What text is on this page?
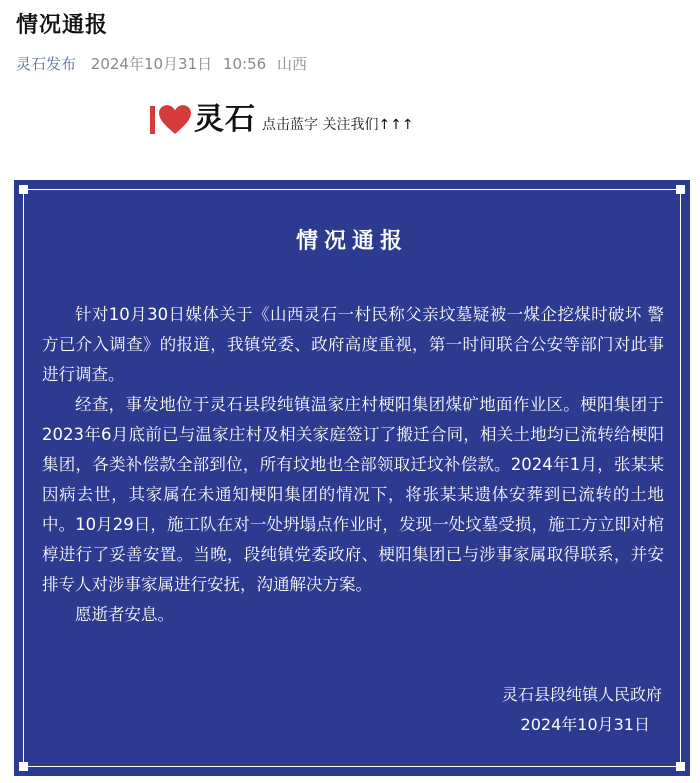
情况通报
灵石发布 2024年10月31日 10:56 山西
灵石 点击蓝字 关注我们↑↑↑
情况通报

针对10月30日媒体关于《山西灵石一村民称父亲坟墓疑被一煤企挖煤时破坏 警方已介入调查》的报道，我镇党委、政府高度重视，第一时间联合公安等部门对此事进行调查。

经查，事发地位于灵石县段纯镇温家庄村梗阳集团煤矿地面作业区。梗阳集团于2023年6月底前已与温家庄村及相关家庭签订了搬迁合同，相关土地均已流转给梗阳集团，各类补偿款全部到位，所有坟地也全部领取迁坟补偿款。2024年1月，张某某因病去世，其家属在未通知梗阳集团的情况下，将张某某遗体安葬到已流转的土地中。10月29日，施工队在对一处坍塌点作业时，发现一处坟墓受损，施工方立即对棺椁进行了妥善安置。当晚，段纯镇党委政府、梗阳集团已与涉事家属取得联系，并安排专人对涉事家属进行安抚，沟通解决方案。

愿逝者安息。

灵石县段纯镇人民政府
2024年10月31日
